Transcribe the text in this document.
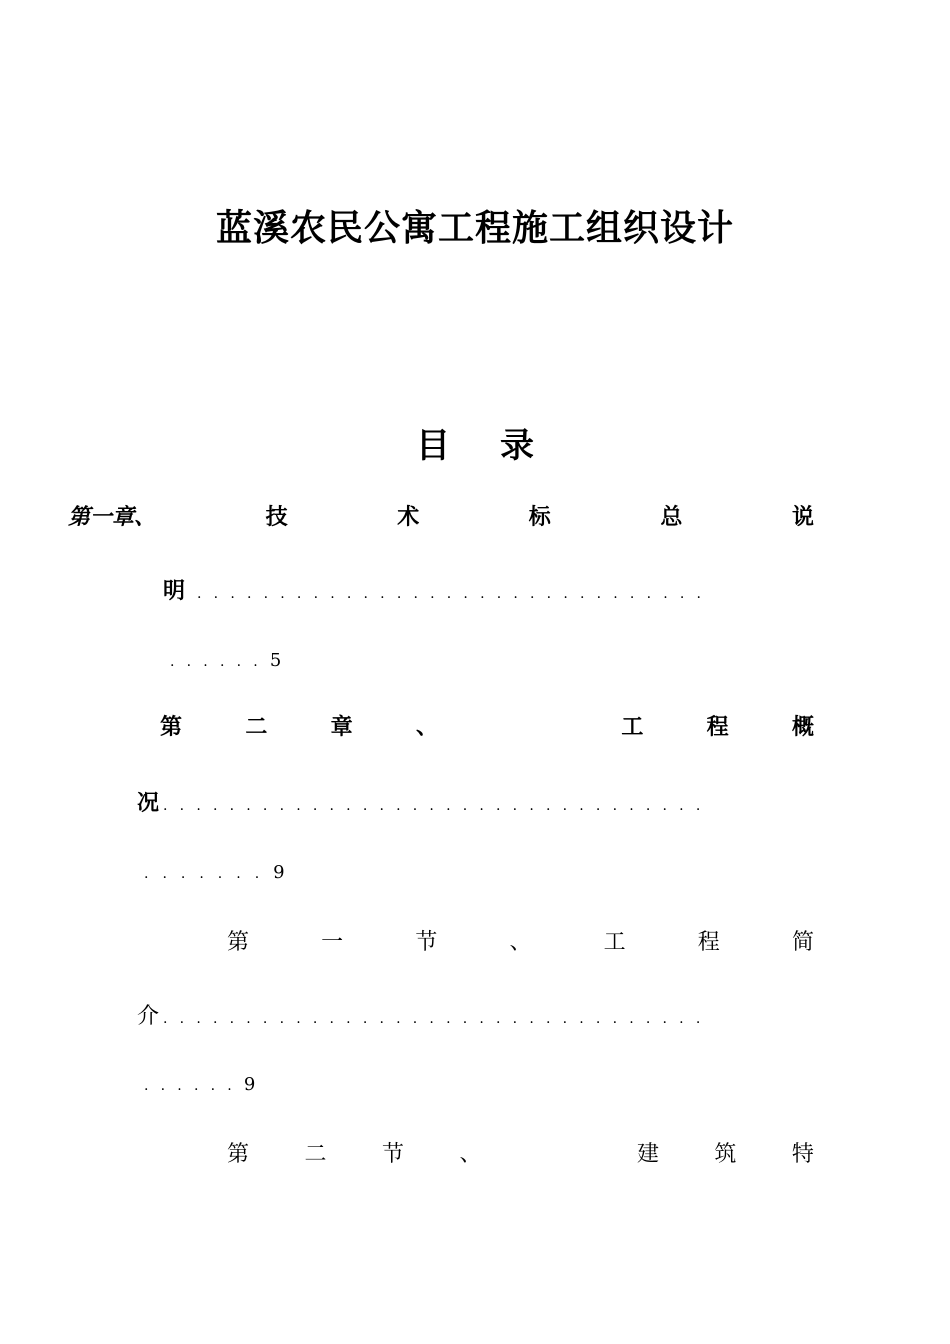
蓝溪农民公寓工程施工组织设计
目 录
第一章、	技	术	标	总	说
明 ...............................
......5
第	二	章	、	工	程	概
况 .................................
.......9
第	一	节	、	工	程	简
介 .................................
......9
第	二	节	、	建	筑	特
